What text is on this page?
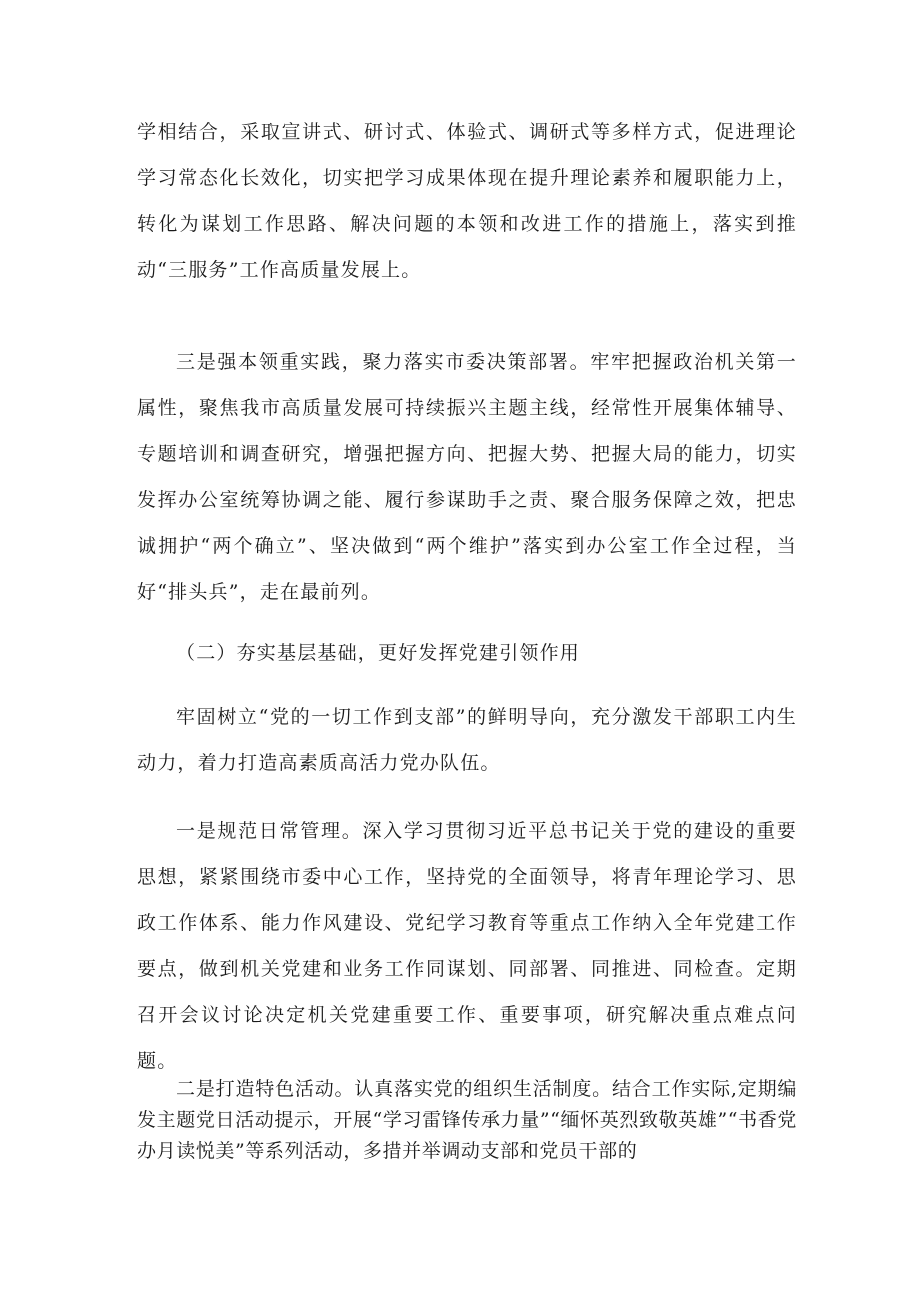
学相结合，采取宣讲式、研讨式、体验式、调研式等多样方式，促进理论学习常态化长效化，切实把学习成果体现在提升理论素养和履职能力上，转化为谋划工作思路、解决问题的本领和改进工作的措施上，落实到推动“三服务”工作高质量发展上。

三是强本领重实践，聚力落实市委决策部署。牢牢把握政治机关第一属性，聚焦我市高质量发展可持续振兴主题主线，经常性开展集体辅导、专题培训和调查研究，增强把握方向、把握大势、把握大局的能力，切实发挥办公室统筹协调之能、履行参谋助手之责、聚合服务保障之效，把忠诚拥护“两个确立”、坚决做到“两个维护”落实到办公室工作全过程，当好“排头兵”，走在最前列。

（二）夯实基层基础，更好发挥党建引领作用

牢固树立“党的一切工作到支部”的鲜明导向，充分激发干部职工内生动力，着力打造高素质高活力党办队伍。

一是规范日常管理。深入学习贯彻习近平总书记关于党的建设的重要思想，紧紧围绕市委中心工作，坚持党的全面领导，将青年理论学习、思政工作体系、能力作风建设、党纪学习教育等重点工作纳入全年党建工作要点，做到机关党建和业务工作同谋划、同部署、同推进、同检查。定期召开会议讨论决定机关党建重要工作、重要事项，研究解决重点难点问题。

二是打造特色活动。认真落实党的组织生活制度。结合工作实际,定期编发主题党日活动提示，开展“学习雷锋传承力量”“缅怀英烈致敬英雄”“书香党办月读悦美”等系列活动，多措并举调动支部和党员干部的
